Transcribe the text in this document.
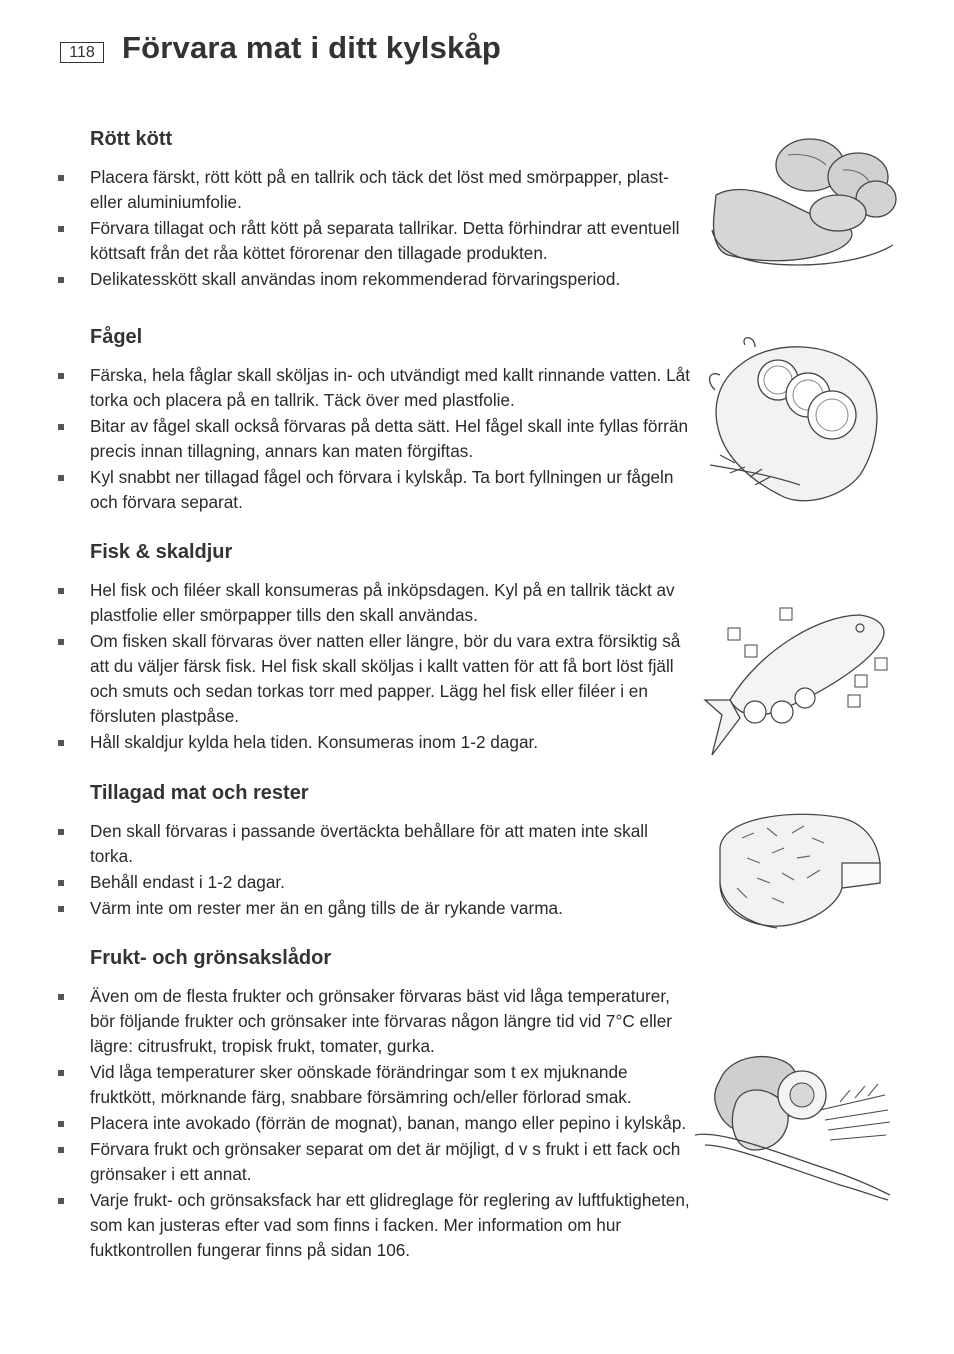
118 Förvara mat i ditt kylskåp
Rött kött
Placera färskt, rött kött på en tallrik och täck det löst med smörpapper, plast- eller aluminiumfolie.
Förvara tillagat och rått kött på separata tallrikar. Detta förhindrar att eventuell köttsaft från det råa köttet förorenar den tillagade produkten.
Delikatesskött skall användas inom rekommenderad förvaringsperiod.
Fågel
Färska, hela fåglar skall sköljas in- och utvändigt med kallt rinnande vatten. Låt torka och placera på en tallrik. Täck över med plastfolie.
Bitar av fågel skall också förvaras på detta sätt. Hel fågel skall inte fyllas förrän precis innan tillagning, annars kan maten förgiftas.
Kyl snabbt ner tillagad fågel och förvara i kylskåp. Ta bort fyllningen ur fågeln och förvara separat.
Fisk & skaldjur
Hel fisk och filéer skall konsumeras på inköpsdagen. Kyl på en tallrik täckt av plastfolie eller smörpapper tills den skall användas.
Om fisken skall förvaras över natten eller längre, bör du vara extra försiktig så att du väljer färsk fisk. Hel fisk skall sköljas i kallt vatten för att få bort löst fjäll och smuts och sedan torkas torr med papper. Lägg hel fisk eller filéer i en försluten plastpåse.
Håll skaldjur kylda hela tiden. Konsumeras inom 1-2 dagar.
Tillagad mat och rester
Den skall förvaras i passande övertäckta behållare för att maten inte skall torka.
Behåll endast i 1-2 dagar.
Värm inte om rester mer än en gång tills de är rykande varma.
Frukt- och grönsakslådor
Även om de flesta frukter och grönsaker förvaras bäst vid låga temperaturer, bör följande frukter och grönsaker inte förvaras någon längre tid vid 7°C eller lägre: citrusfrukt, tropisk frukt, tomater, gurka.
Vid låga temperaturer sker oönskade förändringar som t ex mjuknande fruktkött, mörknande färg, snabbare försämring och/eller förlorad smak.
Placera inte avokado (förrän de mognat), banan, mango eller pepino i kylskåp.
Förvara frukt och grönsaker separat om det är möjligt, d v s frukt i ett fack och grönsaker i ett annat.
Varje frukt- och grönsaksfack har ett glidreglage för reglering av luftfuktigheten, som kan justeras efter vad som finns i facken. Mer information om hur fuktkontrollen fungerar finns på sidan 106.
